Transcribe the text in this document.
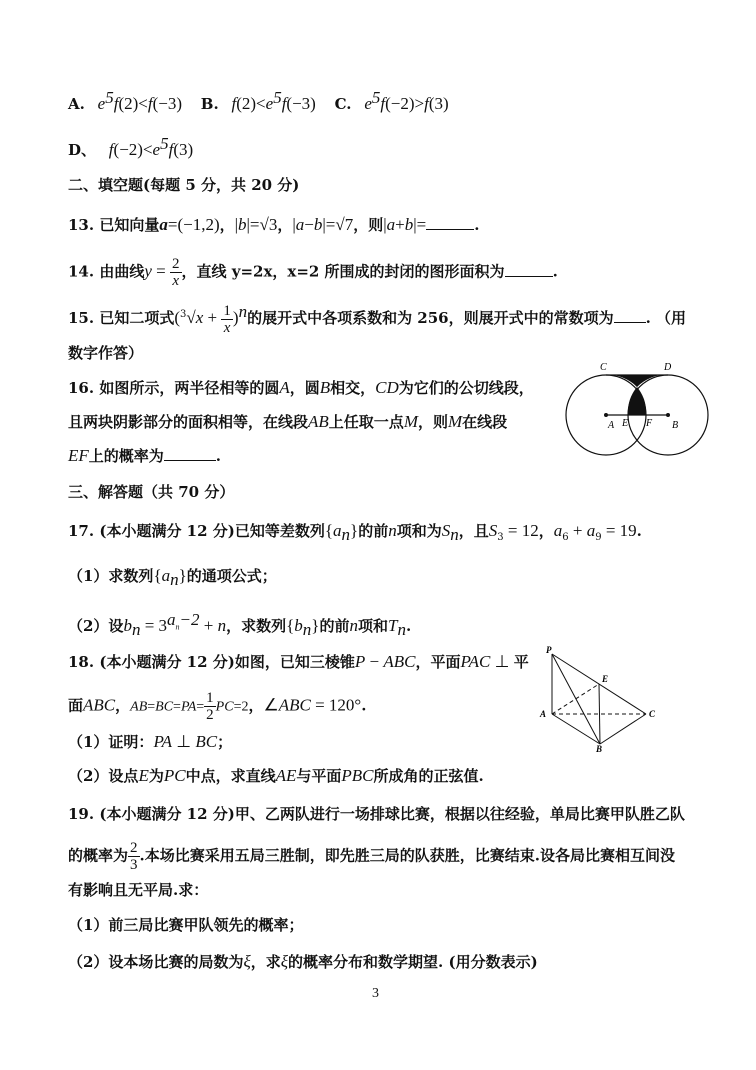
A. $e^5f(2)<f(-3)$ B. $f(2)<e^5f(-3)$ C. $e^5f(-2)>f(3)$
D、 $f(-2)<e^5f(3)$
二、填空题(每题 5 分，共 20 分)
13. 已知向量a=(−1,2)，|b|=√3，|a−b|=√7，则|a+b|=	.
14. 由曲线$y = \frac{2}{x}$ ，直线 y=2x，x=2 所围成的封闭的图形面积为	.
15. 已知二项式$(^3√x + \frac{1}{x} )^n$的展开式中各项系数和为 256，则展开式中的常数项为 . （用
数字作答）
16. 如图所示，两半径相等的圆A，圆B相交，CD为它们的公切线段，
且两块阴影部分的面积相等，在线段AB上任取一点M，则M在线段
EF上的概率为	.
C	D
A E F B
三、解答题（共 70 分）
17. (本小题满分 12 分)已知等差数列$\{a_n\}$的前n项和为$S_n$，且$S_3 = 12$，$a_6 + a_9 = 19$.
（1）求数列$\{a_n\}$的通项公式；
（2）设$b_n = 3^{a_n-2} + n$，求数列$\{b_n\}$的前n项和$T_n$.
18. (本小题满分 12 分)如图，已知三棱锥P − ABC，平面PAC ⊥ 平
面ABC，$AB=BC=PA= \frac{1}{2} PC=2$，∠ABC = 120°.
（1）证明：PA ⊥ BC；
（2）设点E为PC中点，求直线AE与平面PBC所成角的正弦值.
P
E
A	C
B
19. (本小题满分 12 分)甲、乙两队进行一场排球比赛，根据以往经验，单局比赛甲队胜乙队
的概率为 $\frac{2}{3}$ .本场比赛采用五局三胜制，即先胜三局的队获胜，比赛结束.设各局比赛相互间没
有影响且无平局.求：
（1）前三局比赛甲队领先的概率；
（2）设本场比赛的局数为ξ，求ξ的概率分布和数学期望. (用分数表示)
3
